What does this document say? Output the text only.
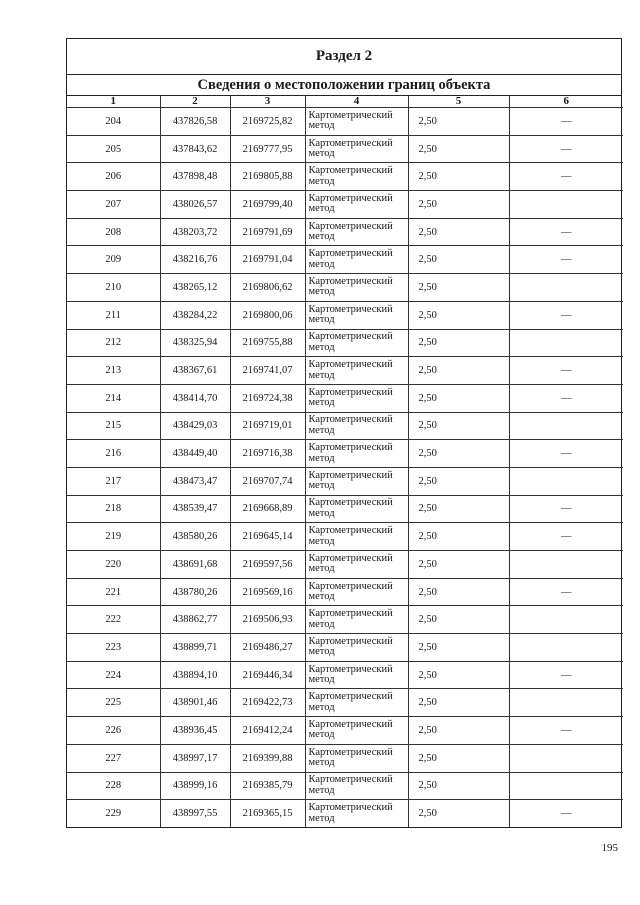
Раздел 2
Сведения о местоположении границ объекта
1	2	3	4	5	6
204	437826,58	2169725,82	Картометрический метод	2,50	—
205	437843,62	2169777,95	Картометрический метод	2,50	—
206	437898,48	2169805,88	Картометрический метод	2,50	—
207	438026,57	2169799,40	Картометрический метод	2,50	
208	438203,72	2169791,69	Картометрический метод	2,50	—
209	438216,76	2169791,04	Картометрический метод	2,50	—
210	438265,12	2169806,62	Картометрический метод	2,50	
211	438284,22	2169800,06	Картометрический метод	2,50	—
212	438325,94	2169755,88	Картометрический метод	2,50	
213	438367,61	2169741,07	Картометрический метод	2,50	—
214	438414,70	2169724,38	Картометрический метод	2,50	—
215	438429,03	2169719,01	Картометрический метод	2,50	
216	438449,40	2169716,38	Картометрический метод	2,50	—
217	438473,47	2169707,74	Картометрический метод	2,50	
218	438539,47	2169668,89	Картометрический метод	2,50	—
219	438580,26	2169645,14	Картометрический метод	2,50	—
220	438691,68	2169597,56	Картометрический метод	2,50	
221	438780,26	2169569,16	Картометрический метод	2,50	—
222	438862,77	2169506,93	Картометрический метод	2,50	
223	438899,71	2169486,27	Картометрический метод	2,50	
224	438894,10	2169446,34	Картометрический метод	2,50	—
225	438901,46	2169422,73	Картометрический метод	2,50	
226	438936,45	2169412,24	Картометрический метод	2,50	—
227	438997,17	2169399,88	Картометрический метод	2,50	
228	438999,16	2169385,79	Картометрический метод	2,50	
229	438997,55	2169365,15	Картометрический метод	2,50	—
195
